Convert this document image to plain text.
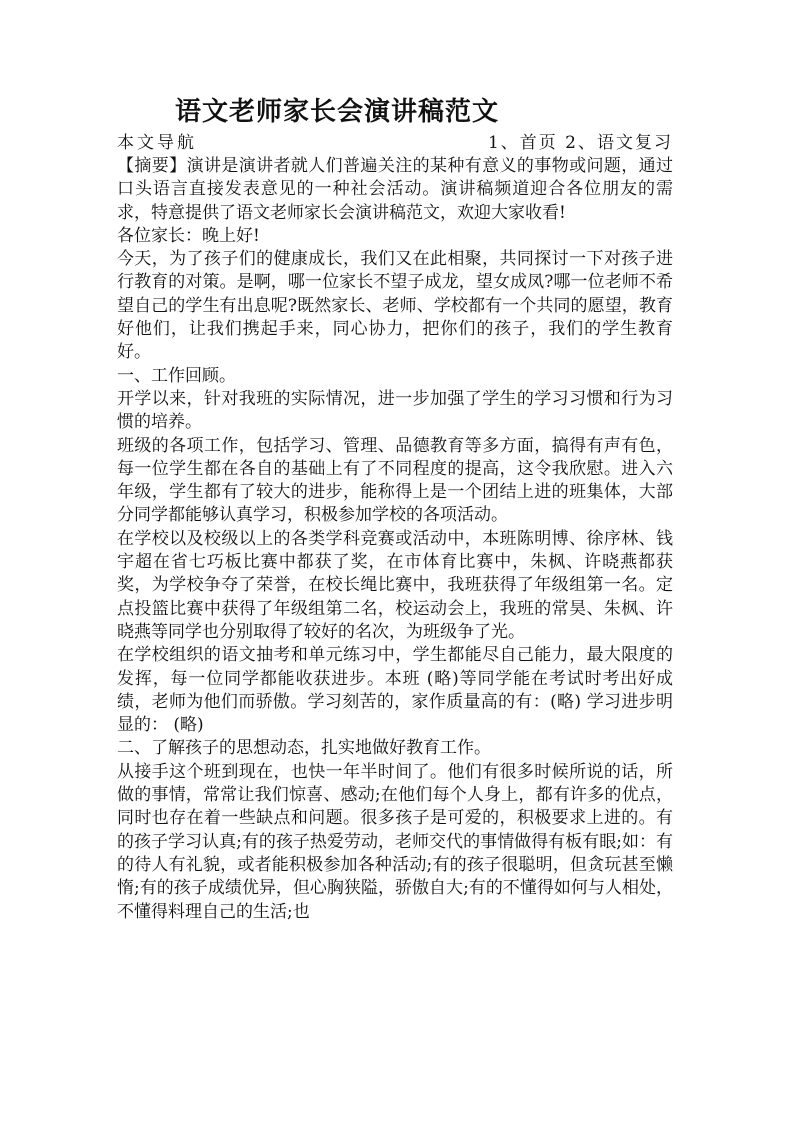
语文老师家长会演讲稿范文
本文导航	1、首页 2、语文复习

【摘要】演讲是演讲者就人们普遍关注的某种有意义的事物或问题，通过口头语言直接发表意见的一种社会活动。演讲稿频道迎合各位朋友的需求，特意提供了语文老师家长会演讲稿范文，欢迎大家收看!

各位家长：晚上好!

今天，为了孩子们的健康成长，我们又在此相聚，共同探讨一下对孩子进行教育的对策。是啊，哪一位家长不望子成龙，望女成凤?哪一位老师不希望自己的学生有出息呢?既然家长、老师、学校都有一个共同的愿望，教育好他们，让我们携起手来，同心协力，把你们的孩子，我们的学生教育好。

一、工作回顾。

开学以来，针对我班的实际情况，进一步加强了学生的学习习惯和行为习惯的培养。

班级的各项工作，包括学习、管理、品德教育等多方面，搞得有声有色，每一位学生都在各自的基础上有了不同程度的提高，这令我欣慰。进入六年级，学生都有了较大的进步，能称得上是一个团结上进的班集体，大部分同学都能够认真学习，积极参加学校的各项活动。

在学校以及校级以上的各类学科竞赛或活动中，本班陈明博、徐序林、钱宇超在省七巧板比赛中都获了奖，在市体育比赛中，朱枫、许晓燕都获奖，为学校争夺了荣誉，在校长绳比赛中，我班获得了年级组第一名。定点投篮比赛中获得了年级组第二名，校运动会上，我班的常昊、朱枫、许晓燕等同学也分别取得了较好的名次，为班级争了光。

在学校组织的语文抽考和单元练习中，学生都能尽自己能力，最大限度的发挥，每一位同学都能收获进步。本班 (略)等同学能在考试时考出好成绩，老师为他们而骄傲。学习刻苦的，家作质量高的有：(略) 学习进步明显的： (略)

二、了解孩子的思想动态，扎实地做好教育工作。

从接手这个班到现在，也快一年半时间了。他们有很多时候所说的话，所做的事情，常常让我们惊喜、感动;在他们每个人身上，都有许多的优点，同时也存在着一些缺点和问题。很多孩子是可爱的，积极要求上进的。有的孩子学习认真;有的孩子热爱劳动，老师交代的事情做得有板有眼;如：有的待人有礼貌，或者能积极参加各种活动;有的孩子很聪明，但贪玩甚至懒惰;有的孩子成绩优异，但心胸狭隘，骄傲自大;有的不懂得如何与人相处，不懂得料理自己的生活;也
